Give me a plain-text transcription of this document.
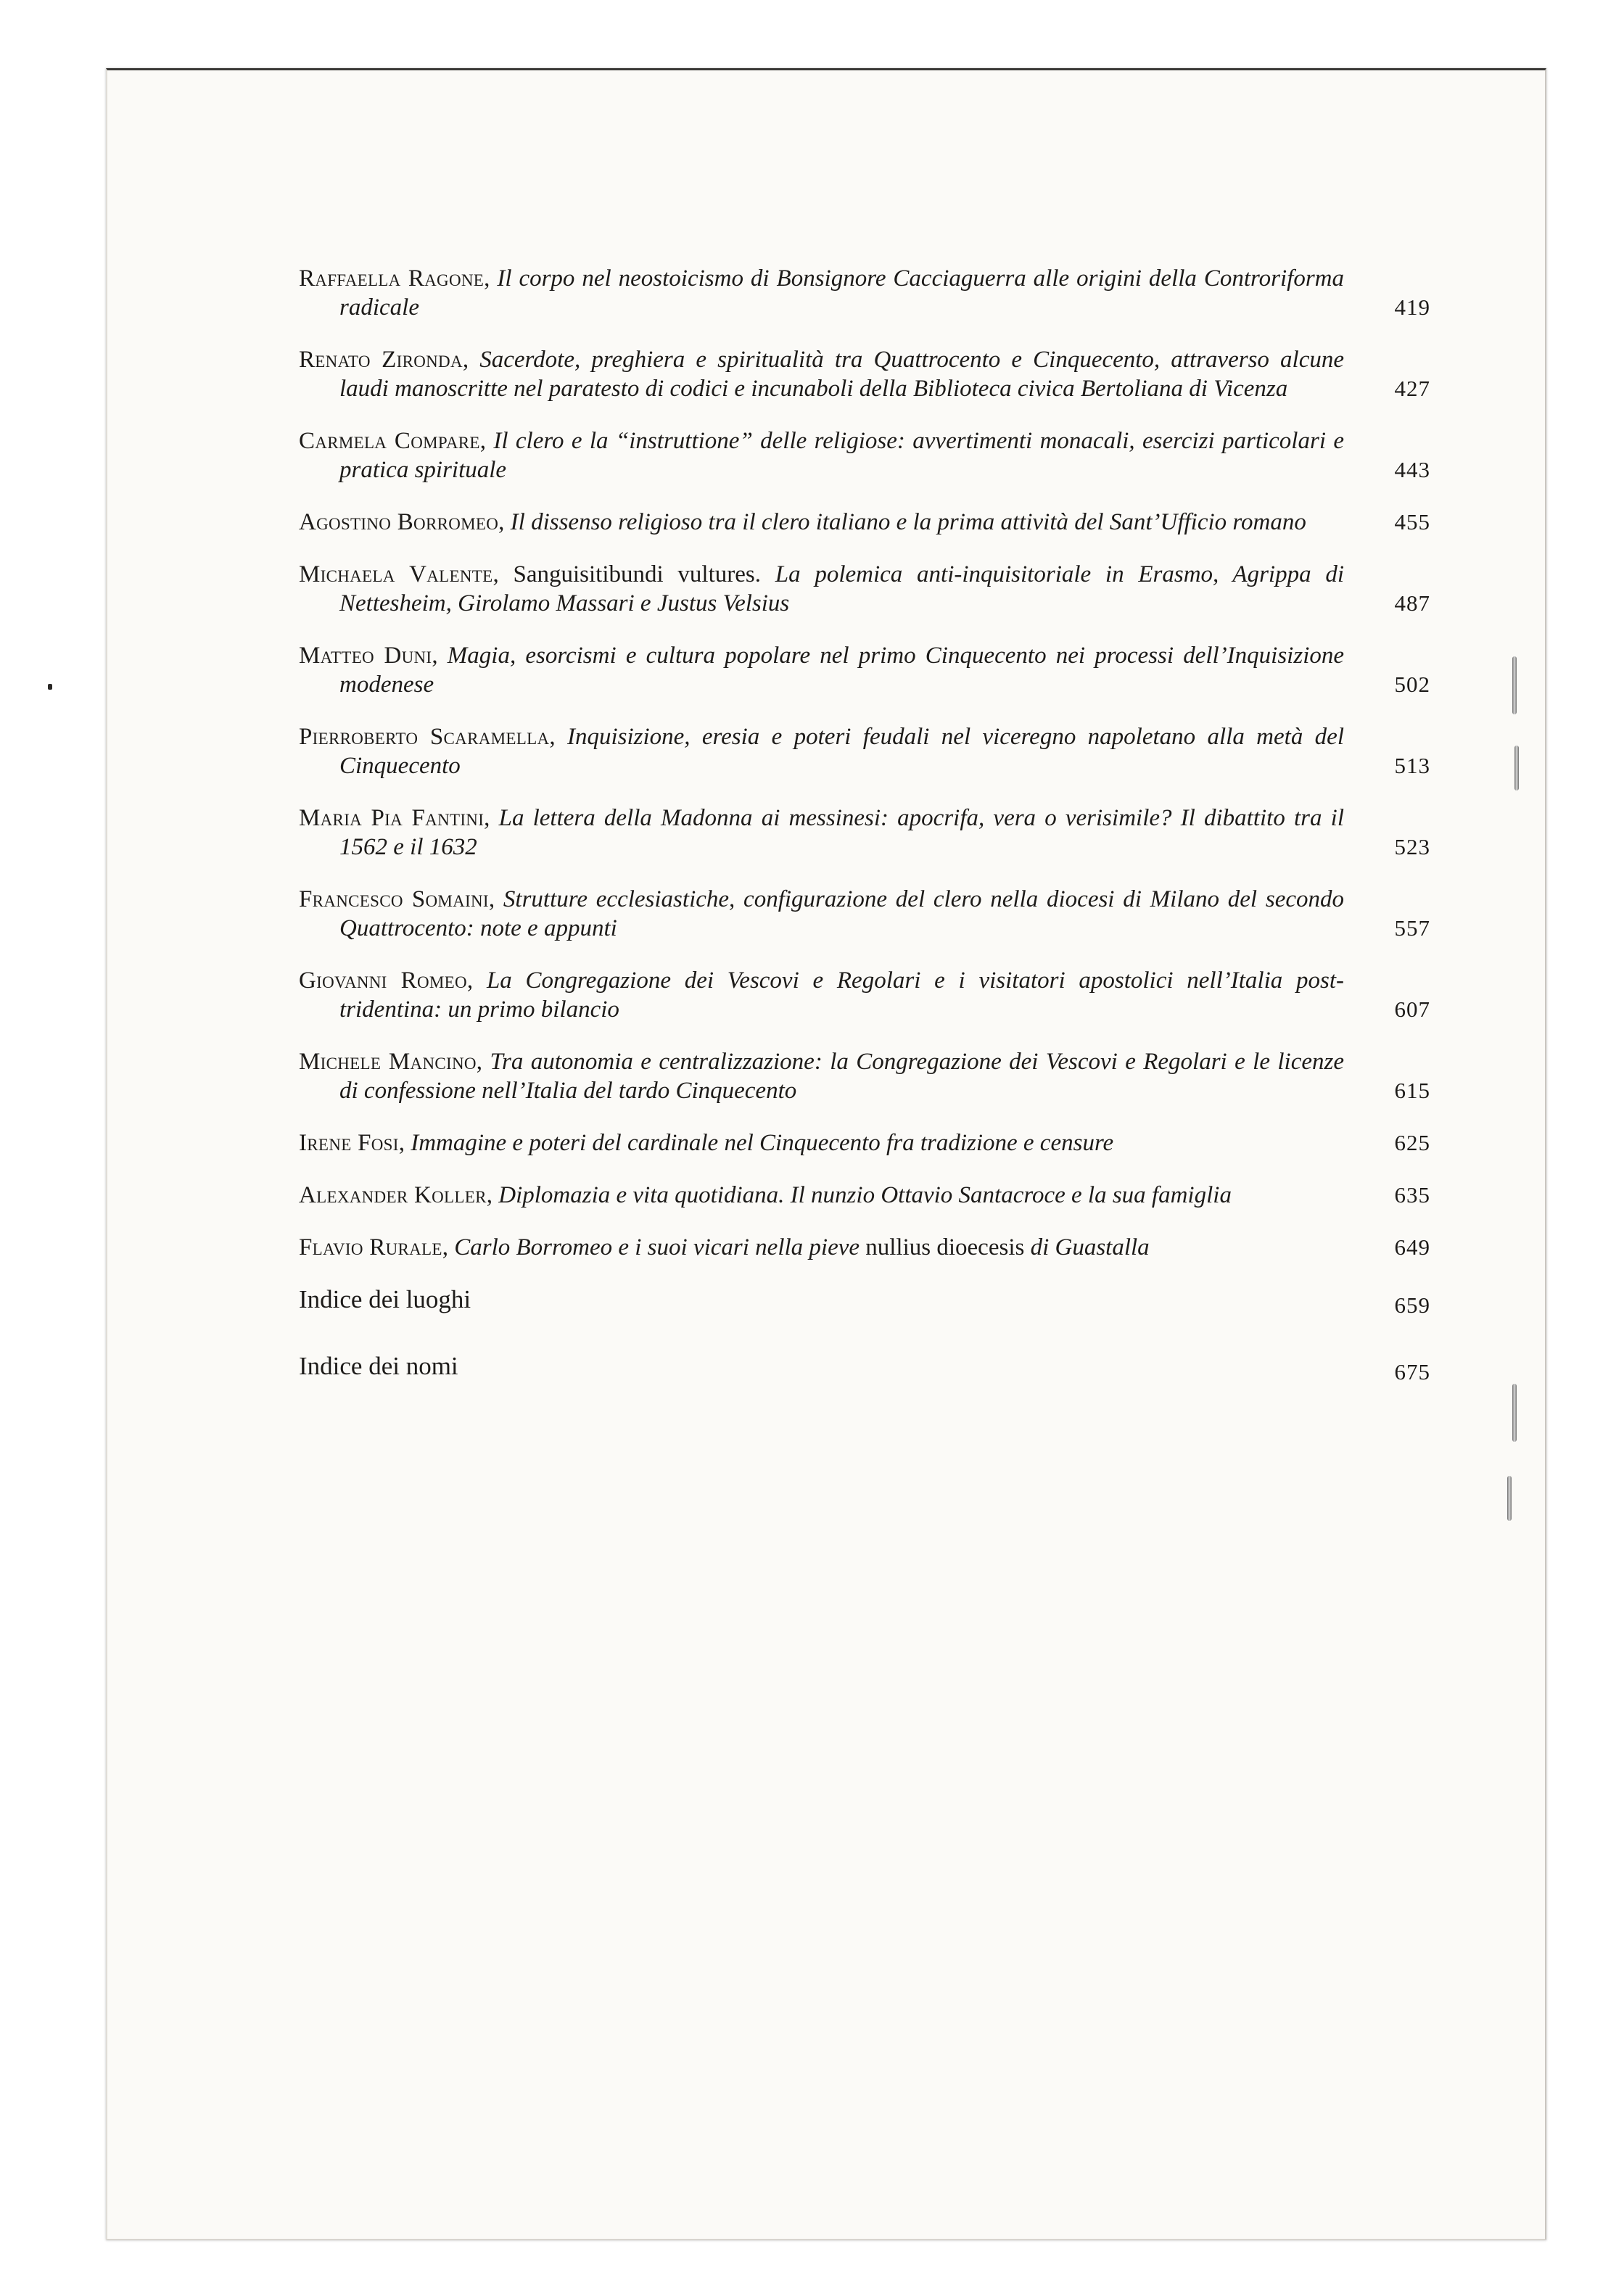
Raffaella Ragone, Il corpo nel neostoicismo di Bonsignore Cacciaguerra alle origini della Controriforma radicale	419
Renato Zironda, Sacerdote, preghiera e spiritualità tra Quattrocento e Cinquecento, attraverso alcune laudi manoscritte nel paratesto di codici e incunaboli della Biblioteca civica Bertoliana di Vicenza	427
Carmela Compare, Il clero e la “instruttione” delle religiose: avvertimenti monacali, esercizi particolari e pratica spirituale	443
Agostino Borromeo, Il dissenso religioso tra il clero italiano e la prima attività del Sant’Ufficio romano	455
Michaela Valente, Sanguisitibundi vultures. La polemica anti-inquisitoriale in Erasmo, Agrippa di Nettesheim, Girolamo Massari e Justus Velsius	487
Matteo Duni, Magia, esorcismi e cultura popolare nel primo Cinquecento nei processi dell’Inquisizione modenese	502
Pierroberto Scaramella, Inquisizione, eresia e poteri feudali nel viceregno napoletano alla metà del Cinquecento	513
Maria Pia Fantini, La lettera della Madonna ai messinesi: apocrifa, vera o verisimile? Il dibattito tra il 1562 e il 1632	523
Francesco Somaini, Strutture ecclesiastiche, configurazione del clero nella diocesi di Milano del secondo Quattrocento: note e appunti	557
Giovanni Romeo, La Congregazione dei Vescovi e Regolari e i visitatori apostolici nell’Italia post-tridentina: un primo bilancio	607
Michele Mancino, Tra autonomia e centralizzazione: la Congregazione dei Vescovi e Regolari e le licenze di confessione nell’Italia del tardo Cinquecento	615
Irene Fosi, Immagine e poteri del cardinale nel Cinquecento fra tradizione e censure	625
Alexander Koller, Diplomazia e vita quotidiana. Il nunzio Ottavio Santacroce e la sua famiglia	635
Flavio Rurale, Carlo Borromeo e i suoi vicari nella pieve nullius dioecesis di Guastalla	649
Indice dei luoghi	659
Indice dei nomi	675
